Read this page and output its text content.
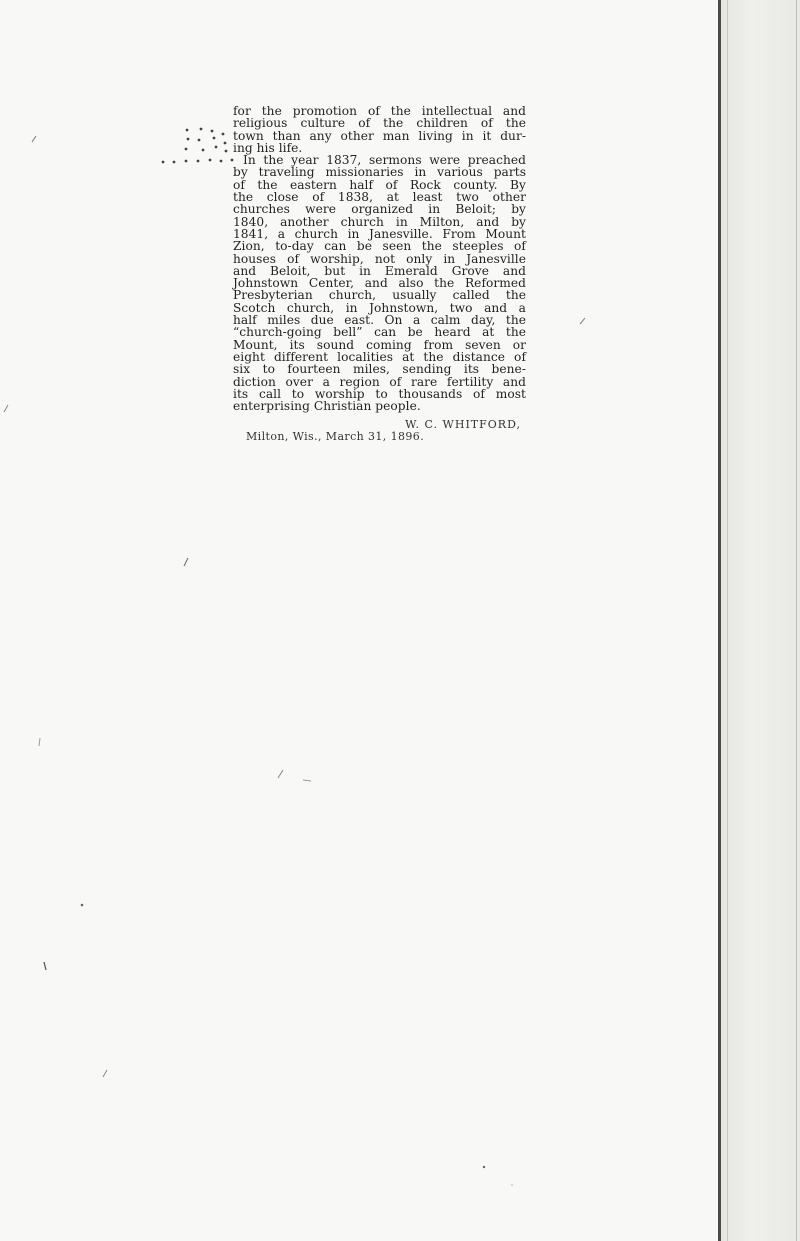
for the promotion of the intellectual and
religious culture of the children of the
town than any other man living in it dur-
ing his life.
In the year 1837, sermons were preached
by traveling missionaries in various parts
of the eastern half of Rock county. By
the close of 1838, at least two other
churches were organized in Beloit; by
1840, another church in Milton, and by
1841, a church in Janesville. From Mount
Zion, to-day can be seen the steeples of
houses of worship, not only in Janesville
and Beloit, but in Emerald Grove and
Johnstown Center, and also the Reformed
Presbyterian church, usually called the
Scotch church, in Johnstown, two and a
half miles due east. On a calm day, the
“church-going bell” can be heard at the
Mount, its sound coming from seven or
eight different localities at the distance of
six to fourteen miles, sending its bene-
diction over a region of rare fertility and
its call to worship to thousands of most
enterprising Christian people.
W. C. WHITFORD,
Milton, Wis., March 31, 1896.
